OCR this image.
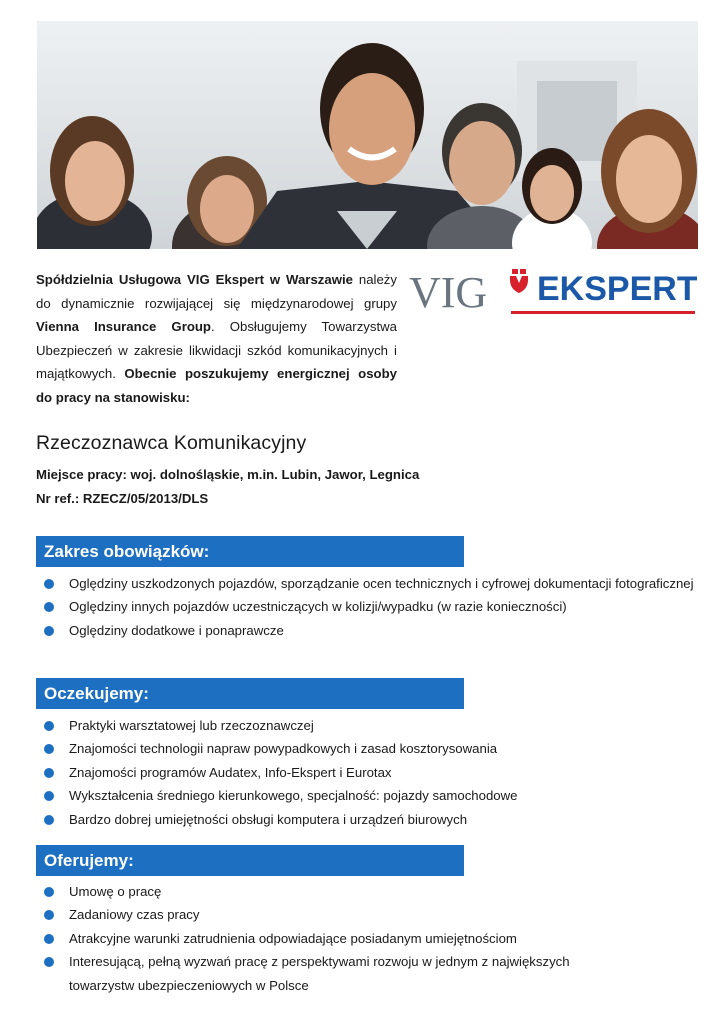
Spółdzielnia Usługowa VIG Ekspert w Warszawie należy do dynamicznie rozwijającej się międzynarodowej grupy Vienna Insurance Group. Obsługujemy Towarzystwa Ubezpieczeń w zakresie likwidacji szkód komunikacyjnych i majątkowych. Obecnie poszukujemy energicznej osoby do pracy na stanowisku:
VIG EKSPERT
Rzeczoznawca Komunikacyjny

Miejsce pracy: woj. dolnośląskie, m.in. Lubin, Jawor, Legnica

Nr ref.: RZECZ/05/2013/DLS

Zakres obowiązków:
Oględziny uszkodzonych pojazdów, sporządzanie ocen technicznych i cyfrowej dokumentacji fotograficznej
Oględziny innych pojazdów uczestniczących w kolizji/wypadku (w razie konieczności)
Oględziny dodatkowe i ponaprawcze
Oczekujemy:
Praktyki warsztatowej lub rzeczoznawczej
Znajomości technologii napraw powypadkowych i zasad kosztorysowania
Znajomości programów Audatex, Info-Ekspert i Eurotax
Wykształcenia średniego kierunkowego, specjalność: pojazdy samochodowe
Bardzo dobrej umiejętności obsługi komputera i urządzeń biurowych
Oferujemy:
Umowę o pracę
Zadaniowy czas pracy
Atrakcyjne warunki zatrudnienia odpowiadające posiadanym umiejętnościom
Interesującą, pełną wyzwań pracę z perspektywami rozwoju w jednym z największych towarzystw ubezpieczeniowych w Polsce
